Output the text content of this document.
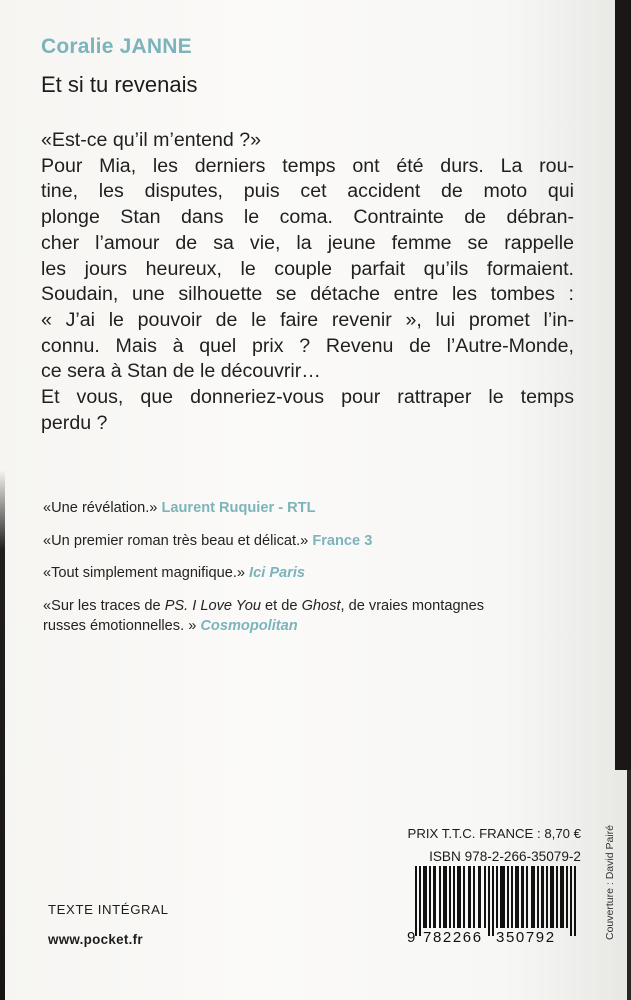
Coralie JANNE
Et si tu revenais
«Est-ce qu’il m’entend ?»
Pour Mia, les derniers temps ont été durs. La rou-
tine, les disputes, puis cet accident de moto qui
plonge Stan dans le coma. Contrainte de débran-
cher l’amour de sa vie, la jeune femme se rappelle
les jours heureux, le couple parfait qu’ils formaient.
Soudain, une silhouette se détache entre les tombes :
« J’ai le pouvoir de le faire revenir », lui promet l’in-
connu. Mais à quel prix ? Revenu de l’Autre-Monde,
ce sera à Stan de le découvrir…
Et vous, que donneriez-vous pour rattraper le temps
perdu ?
«Une révélation.» Laurent Ruquier - RTL
«Un premier roman très beau et délicat.» France 3
«Tout simplement magnifique.» Ici Paris
«Sur les traces de PS. I Love You et de Ghost, de vraies montagnes
russes émotionnelles. » Cosmopolitan
PRIX T.T.C. FRANCE : 8,70 €
ISBN 978-2-266-35079-2
9 782266 350792	Couverture : David Pairé
TEXTE INTÉGRAL
www.pocket.fr
